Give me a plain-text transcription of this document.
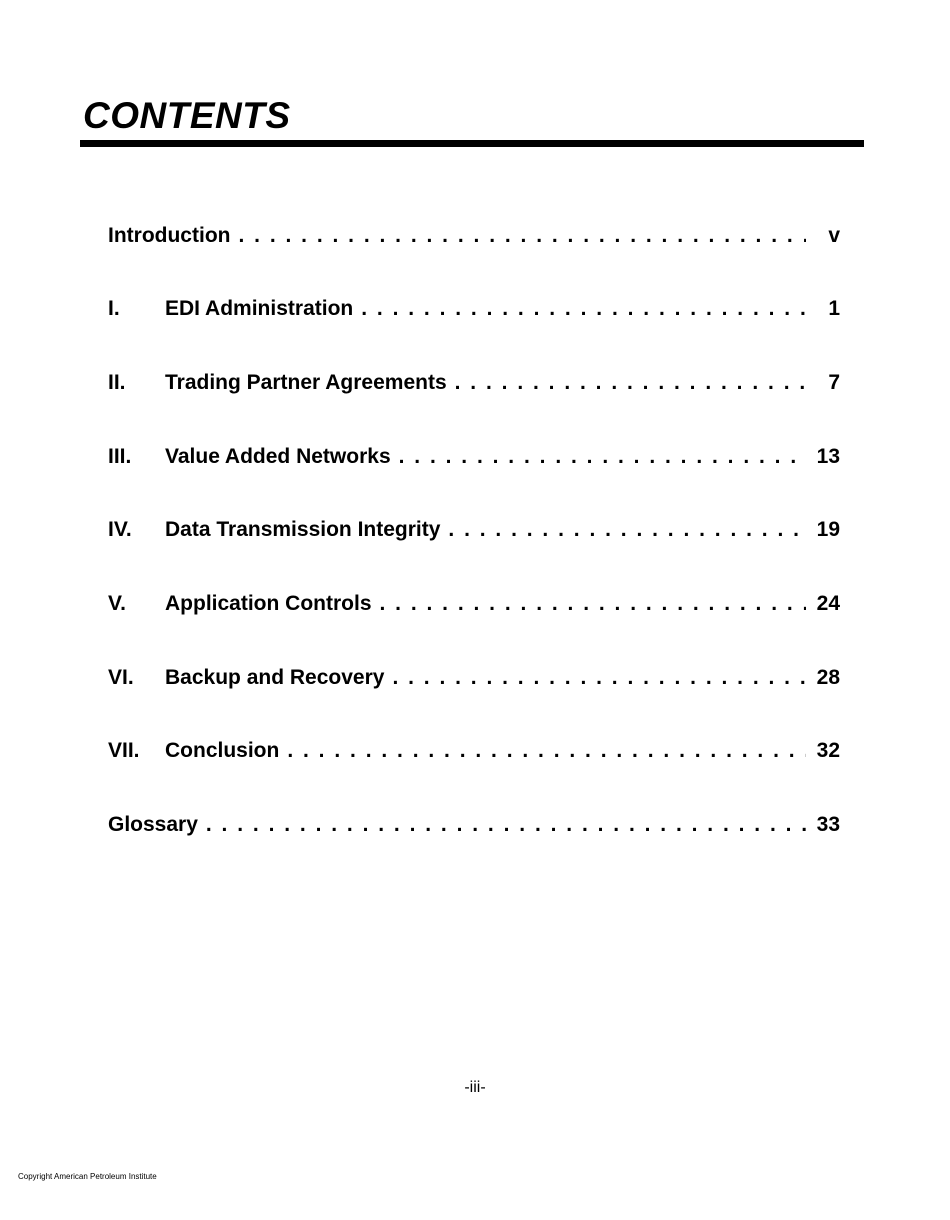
CONTENTS
Introduction . . .	v
I.	EDI Administration . . .	1
II.	Trading Partner Agreements . . .	7
III.	Value Added Networks . . .	13
IV.	Data Transmission Integrity . . .	19
V.	Application Controls . . .	24
VI.	Backup and Recovery . . .	28
VII.	Conclusion . . .	32
Glossary . . .	33
-iii-
Copyright American Petroleum Institute
